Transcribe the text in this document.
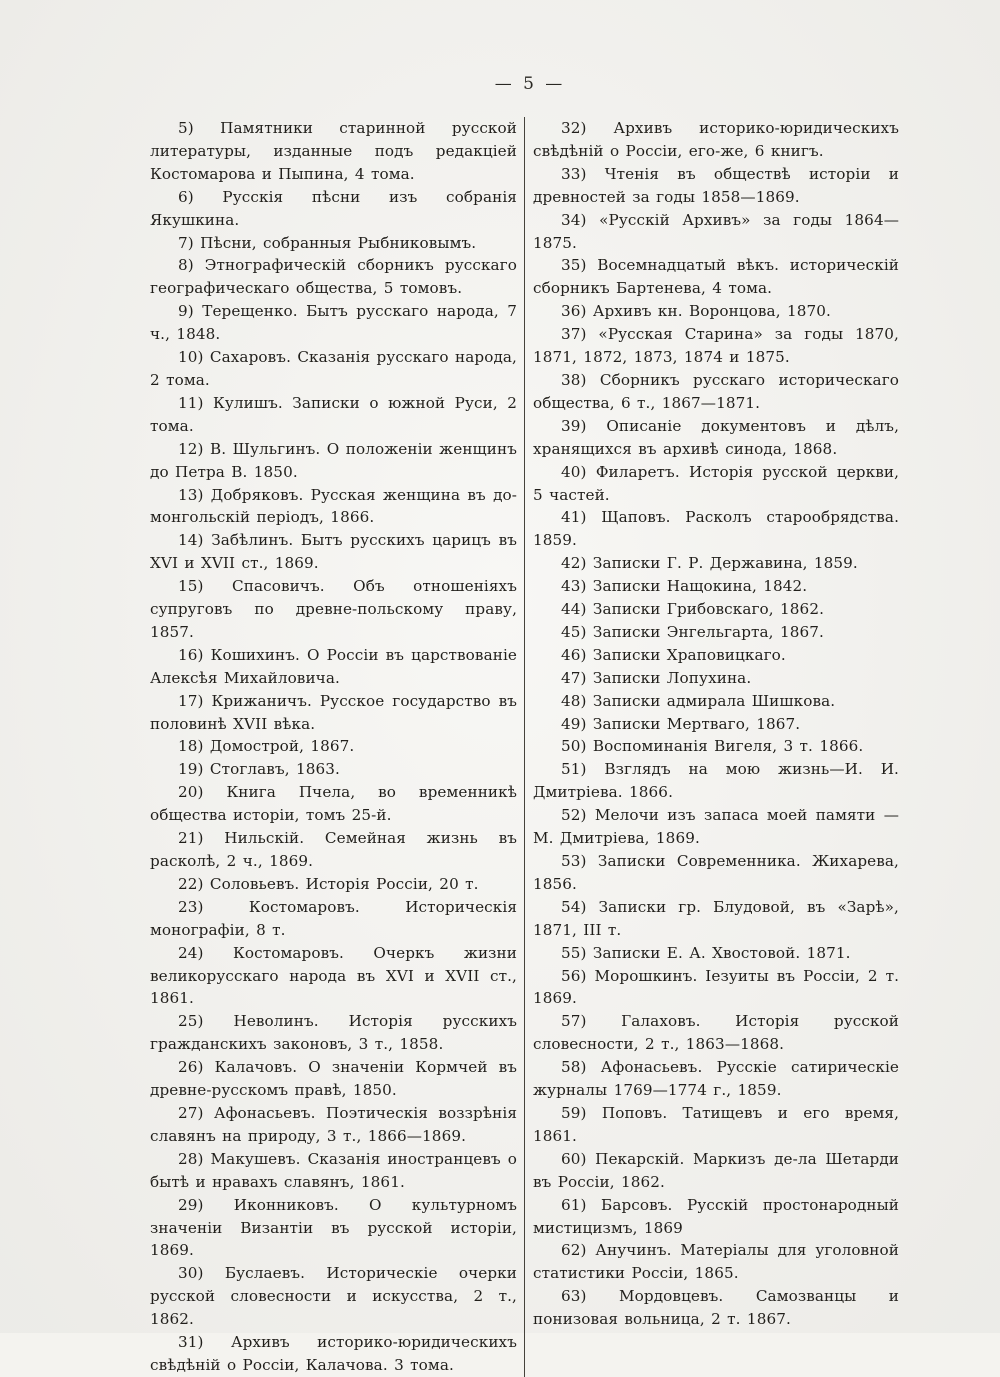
— 5 —

5) Памятники старинной русской литературы, изданные подъ редакціей Костомарова и Пыпина, 4 тома.

6) Русскія пѣсни изъ собранія Якушкина.

7) Пѣсни, собранныя Рыбниковымъ.

8) Этнографическій сборникъ русскаго географическаго общества, 5 томовъ.

9) Терещенко. Бытъ русскаго народа, 7 ч., 1848.

10) Сахаровъ. Сказанія русскаго народа, 2 тома.

11) Кулишъ. Записки о южной Руси, 2 тома.

12) В. Шульгинъ. О положеніи женщинъ до Петра В. 1850.

13) Добряковъ. Русская женщина въ до-монгольскій періодъ, 1866.

14) Забѣлинъ. Бытъ русскихъ царицъ въ XVI и XVII ст., 1869.

15) Спасовичъ. Объ отношеніяхъ супруговъ по древне-польскому праву, 1857.

16) Кошихинъ. О Россіи въ царствованіе Алексѣя Михайловича.

17) Крижаничъ. Русское государство въ половинѣ XVII вѣка.

18) Домострой, 1867.

19) Стоглавъ, 1863.

20) Книга Пчела, во временникѣ общества исторіи, томъ 25-й.

21) Нильскій. Семейная жизнь въ расколѣ, 2 ч., 1869.

22) Соловьевъ. Исторія Россіи, 20 т.

23) Костомаровъ. Историческія монографіи, 8 т.

24) Костомаровъ. Очеркъ жизни великорусскаго народа въ XVI и XVII ст., 1861.

25) Неволинъ. Исторія русскихъ гражданскихъ законовъ, 3 т., 1858.

26) Калачовъ. О значеніи Кормчей въ древне-русскомъ правѣ, 1850.

27) Афонасьевъ. Поэтическія воззрѣнія славянъ на природу, 3 т., 1866—1869.

28) Макушевъ. Сказанія иностранцевъ о бытѣ и нравахъ славянъ, 1861.

29) Иконниковъ. О культурномъ значеніи Византіи въ русской исторіи, 1869.

30) Буслаевъ. Историческіе очерки русской словесности и искусства, 2 т., 1862.

31) Архивъ историко-юридическихъ свѣдѣній о Россіи, Калачова. 3 тома.

32) Архивъ историко-юридическихъ свѣдѣній о Россіи, его-же, 6 книгъ.

33) Чтенія въ обществѣ исторіи и древностей за годы 1858—1869.

34) «Русскій Архивъ» за годы 1864—1875.

35) Восемнадцатый вѣкъ. историческій сборникъ Бартенева, 4 тома.

36) Архивъ кн. Воронцова, 1870.

37) «Русская Старина» за годы 1870, 1871, 1872, 1873, 1874 и 1875.

38) Сборникъ русскаго историческаго общества, 6 т., 1867—1871.

39) Описаніе документовъ и дѣлъ, хранящихся въ архивѣ синода, 1868.

40) Филаретъ. Исторія русской церкви, 5 частей.

41) Щаповъ. Расколъ старообрядства. 1859.

42) Записки Г. Р. Державина, 1859.

43) Записки Нащокина, 1842.

44) Записки Грибовскаго, 1862.

45) Записки Энгельгарта, 1867.

46) Записки Храповицкаго.

47) Записки Лопухина.

48) Записки адмирала Шишкова.

49) Записки Мертваго, 1867.

50) Воспоминанія Вигеля, 3 т. 1866.

51) Взглядъ на мою жизнь—И. И. Дмитріева. 1866.

52) Мелочи изъ запаса моей памяти — М. Дмитріева, 1869.

53) Записки Современника. Жихарева, 1856.

54) Записки гр. Блудовой, въ «Зарѣ», 1871, III т.

55) Записки Е. А. Хвостовой. 1871.

56) Морошкинъ. Іезуиты въ Россіи, 2 т. 1869.

57) Галаховъ. Исторія русской словесности, 2 т., 1863—1868.

58) Афонасьевъ. Русскіе сатирическіе журналы 1769—1774 г., 1859.

59) Поповъ. Татищевъ и его время, 1861.

60) Пекарскій. Маркизъ де-ла Шетарди въ Россіи, 1862.

61) Барсовъ. Русскій простонародный мистицизмъ, 1869

62) Анучинъ. Матеріалы для уголовной статистики Россіи, 1865.

63) Мордовцевъ. Самозванцы и понизовая вольница, 2 т. 1867.
